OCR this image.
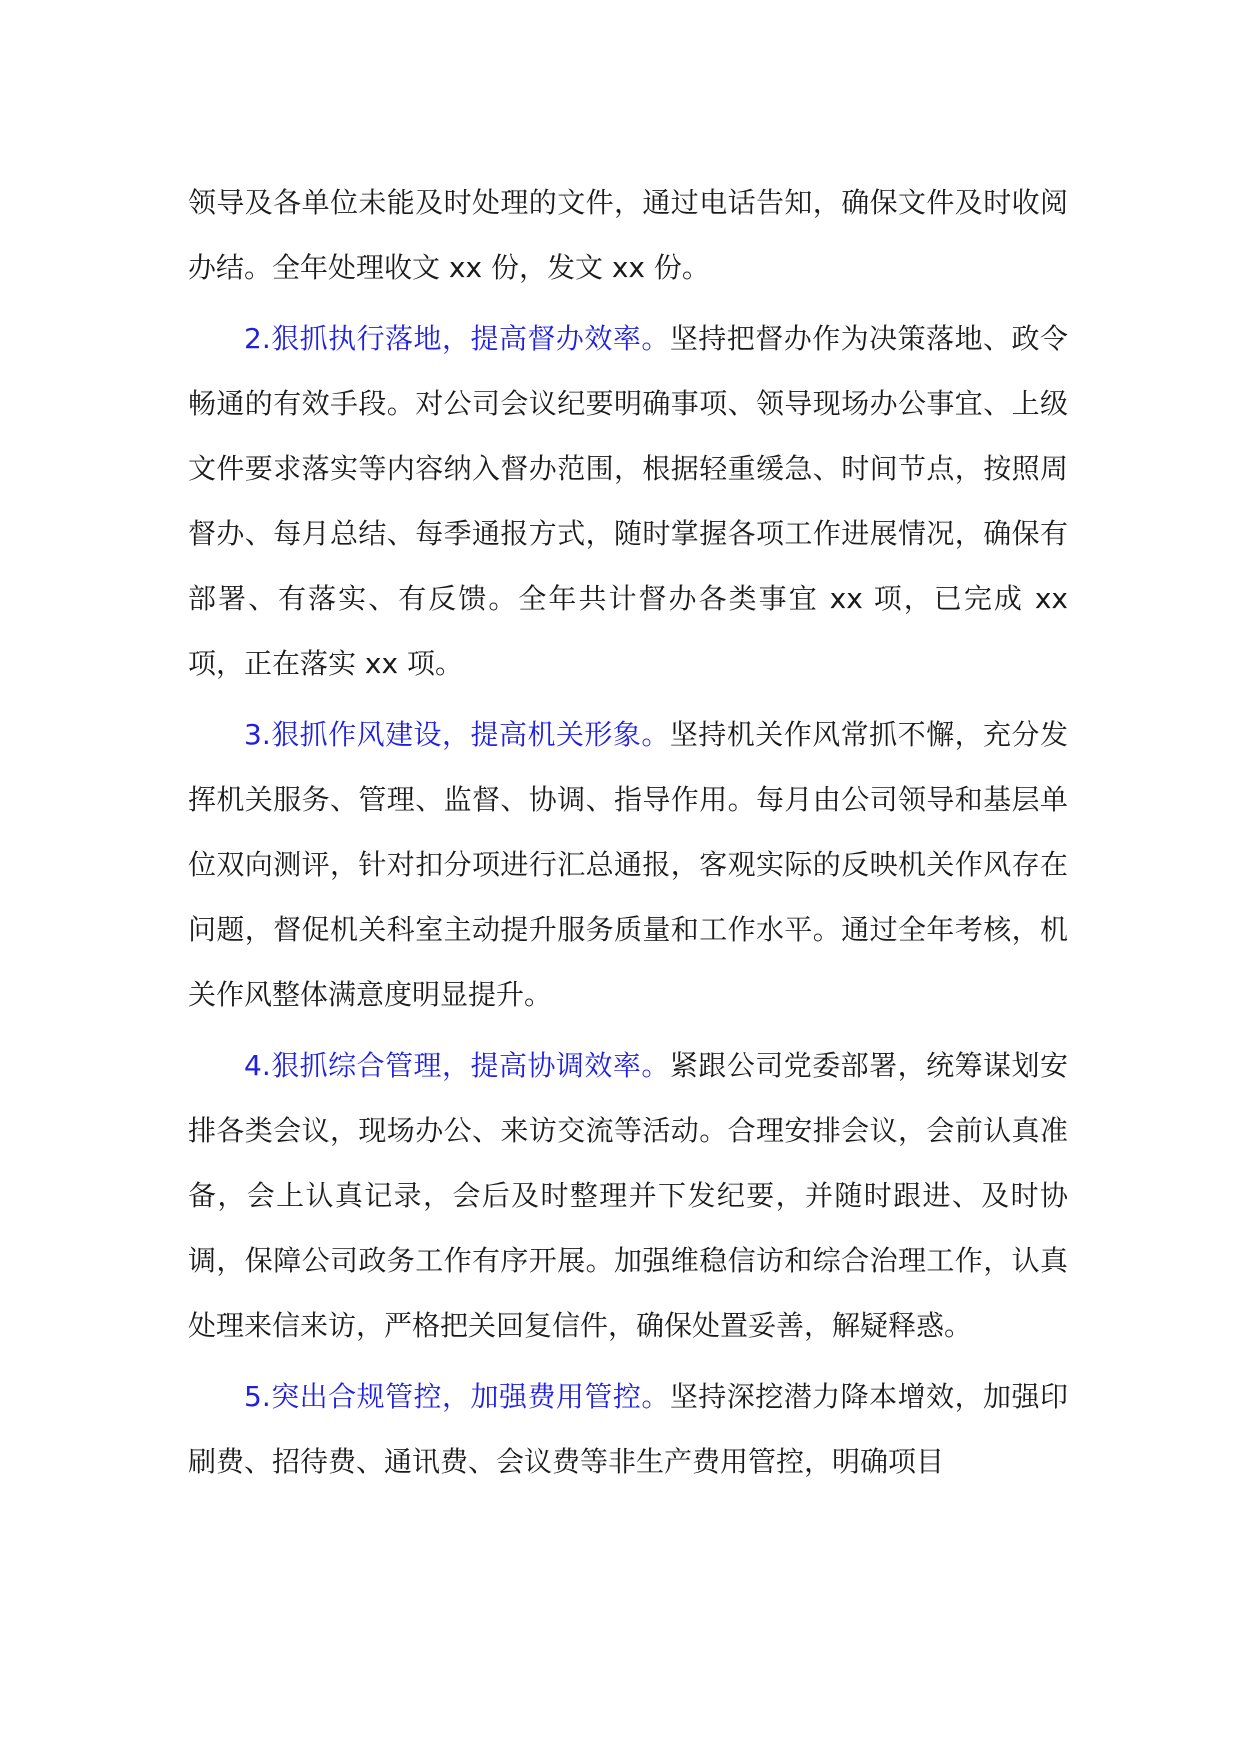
领导及各单位未能及时处理的文件，通过电话告知，确保文件及时收阅办结。全年处理收文 xx 份，发文 xx 份。

2.狠抓执行落地，提高督办效率。坚持把督办作为决策落地、政令畅通的有效手段。对公司会议纪要明确事项、领导现场办公事宜、上级文件要求落实等内容纳入督办范围，根据轻重缓急、时间节点，按照周督办、每月总结、每季通报方式，随时掌握各项工作进展情况，确保有部署、有落实、有反馈。全年共计督办各类事宜 xx 项，已完成 xx 项，正在落实 xx 项。

3.狠抓作风建设，提高机关形象。坚持机关作风常抓不懈，充分发挥机关服务、管理、监督、协调、指导作用。每月由公司领导和基层单位双向测评，针对扣分项进行汇总通报，客观实际的反映机关作风存在问题，督促机关科室主动提升服务质量和工作水平。通过全年考核，机关作风整体满意度明显提升。

4.狠抓综合管理，提高协调效率。紧跟公司党委部署，统筹谋划安排各类会议，现场办公、来访交流等活动。合理安排会议，会前认真准备，会上认真记录，会后及时整理并下发纪要，并随时跟进、及时协调，保障公司政务工作有序开展。加强维稳信访和综合治理工作，认真处理来信来访，严格把关回复信件，确保处置妥善，解疑释惑。

5.突出合规管控，加强费用管控。坚持深挖潜力降本增效，加强印刷费、招待费、通讯费、会议费等非生产费用管控，明确项目
